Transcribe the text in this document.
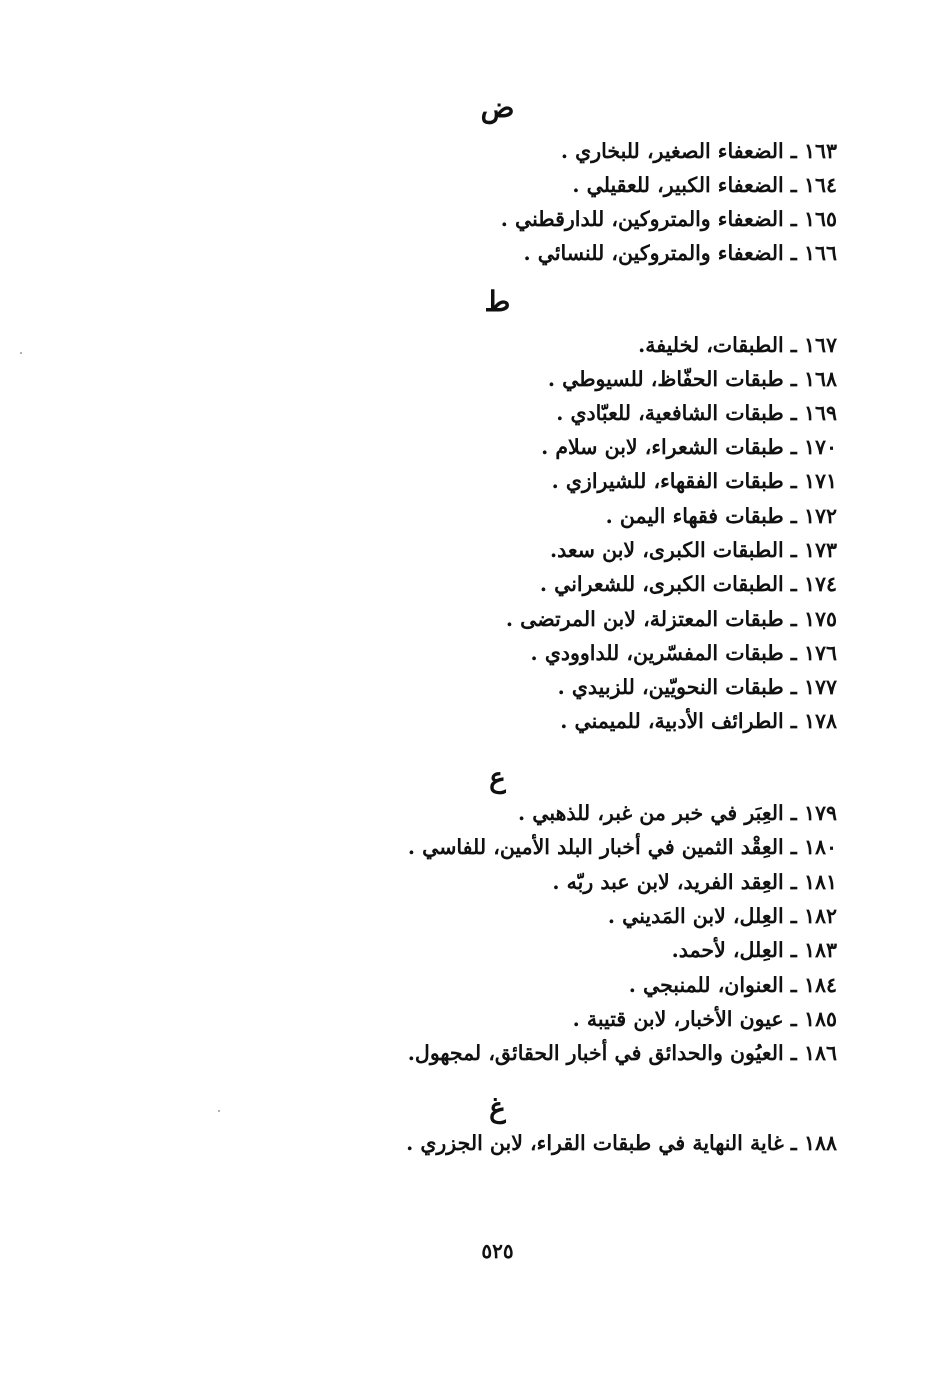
ض
١٦٣ ـ الضعفاء الصغير، للبخاري .
١٦٤ ـ الضعفاء الكبير، للعقيلي .
١٦٥ ـ الضعفاء والمتروكين، للدارقطني .
١٦٦ ـ الضعفاء والمتروكين، للنسائي .
ط
١٦٧ ـ الطبقات، لخليفة.
١٦٨ ـ طبقات الحفّاظ، للسيوطي .
١٦٩ ـ طبقات الشافعية، للعبّادي .
١٧٠ ـ طبقات الشعراء، لابن سلام .
١٧١ ـ طبقات الفقهاء، للشيرازي .
١٧٢ ـ طبقات فقهاء اليمن .
١٧٣ ـ الطبقات الكبرى، لابن سعد.
١٧٤ ـ الطبقات الكبرى، للشعراني .
١٧٥ ـ طبقات المعتزلة، لابن المرتضى .
١٧٦ ـ طبقات المفسّرين، للداوودي .
١٧٧ ـ طبقات النحويّين، للزبيدي .
١٧٨ ـ الطرائف الأدبية، للميمني .
ع
١٧٩ ـ العِبَر في خبر من غبر، للذهبي .
١٨٠ ـ العِقْد الثمين في أخبار البلد الأمين، للفاسي .
١٨١ ـ العِقد الفريد، لابن عبد ربّه .
١٨٢ ـ العِلل، لابن المَديني .
١٨٣ ـ العِلل، لأحمد.
١٨٤ ـ العنوان، للمنبجي .
١٨٥ ـ عيون الأخبار، لابن قتيبة .
١٨٦ ـ العيُون والحدائق في أخبار الحقائق، لمجهول.
غ
١٨٨ ـ غاية النهاية في طبقات القراء، لابن الجزري .
٥٢٥
